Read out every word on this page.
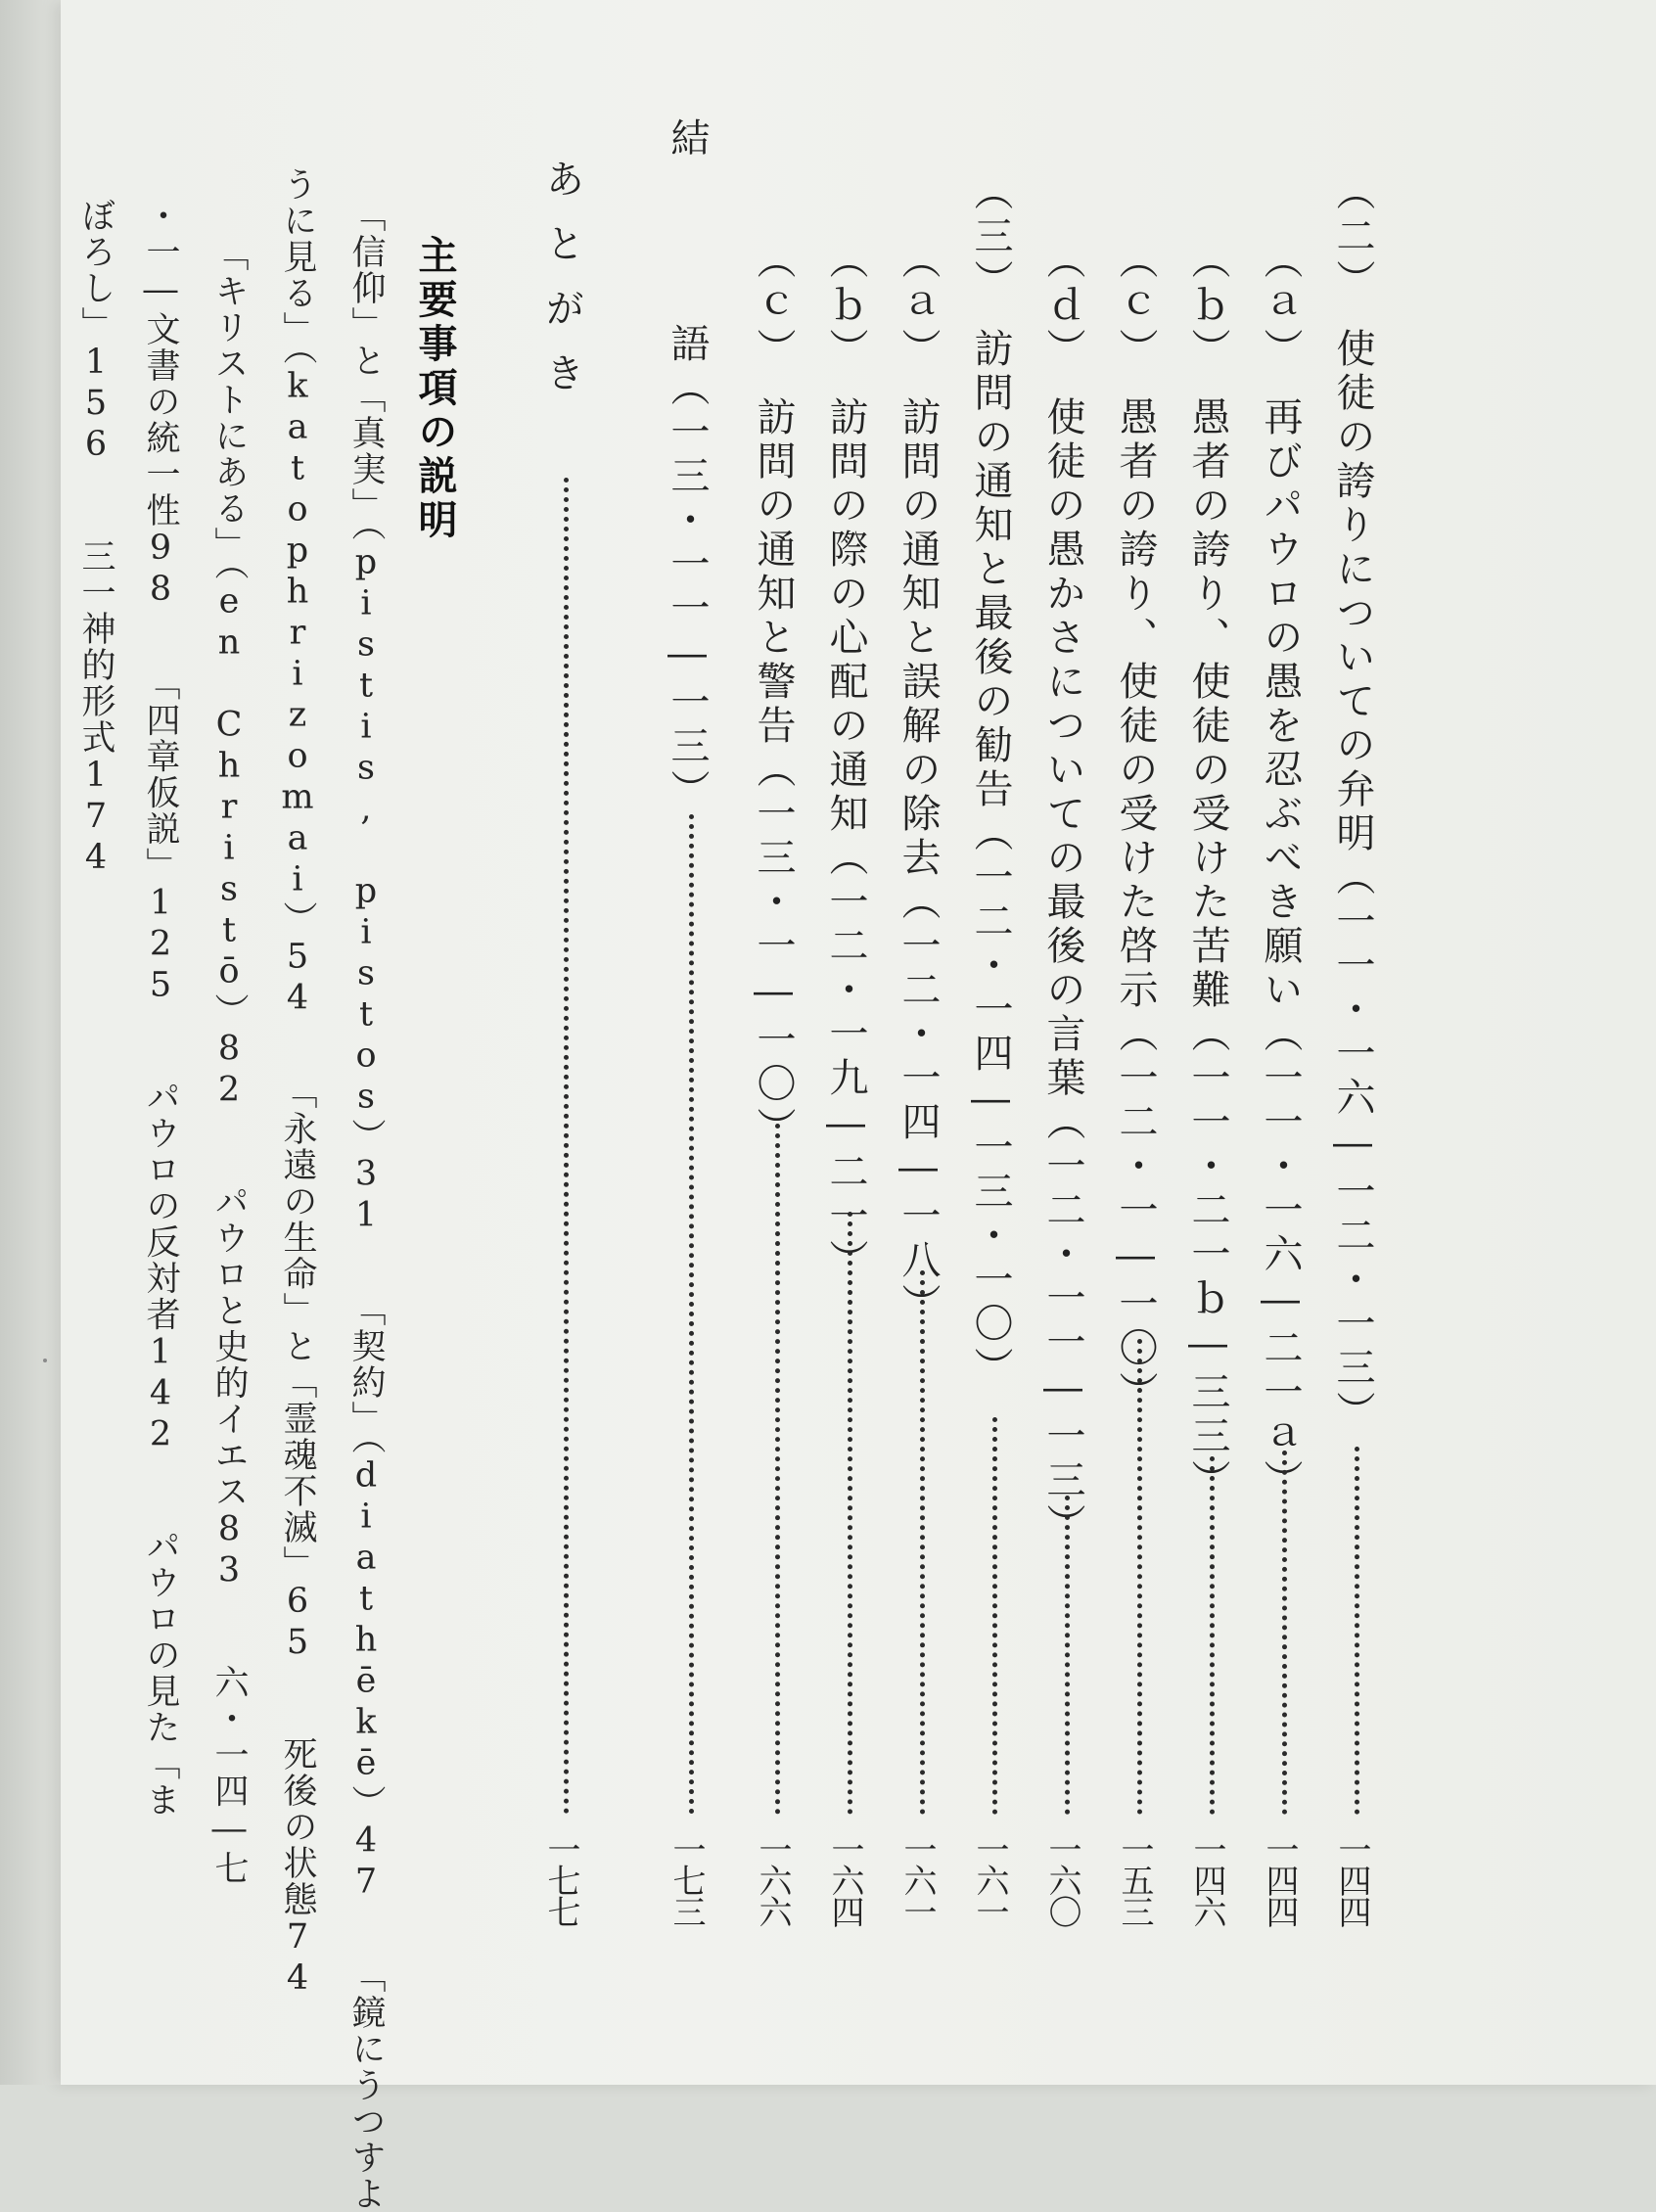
（二）　使徒の誇りについての弁明（一一・一六―一二・一三）
一四四
（ａ）　再びパウロの愚を忍ぶべき願い（一一・一六―二一ａ）
一四四
（ｂ）　愚者の誇り、使徒の受けた苦難（一一・二一ｂ―三三）
一四六
（ｃ）　愚者の誇り、使徒の受けた啓示（一二・一―一〇）
一五三
（ｄ）　使徒の愚かさについての最後の言葉（一二・一一―一三）
一六〇
（三）　訪問の通知と最後の勧告（一二・一四―一三・一〇）
一六一
（ａ）　訪問の通知と誤解の除去（一二・一四―一八）
一六一
（ｂ）　訪問の際の心配の通知（一二・一九―二一）
一六四
（ｃ）　訪問の通知と警告（一三・一―一〇）
一六六
結
語（一三・一一―一三）
一七三
あとがき
一七七
主要事項の説明
「信仰」と「真実」（pistis, pistos）31　　「契約」（diathēkē）47　　「鏡にうつすよ
うに見る」（katophrizomai）54　　「永遠の生命」と「霊魂不滅」65　　死後の状態74
「キリストにある」（en Christō）82　　パウロと史的イエス83　　六・一四―七
・一―文書の統一性98　　「四章仮説」125　　パウロの反対者142　　パウロの見た「ま
ぼろし」156　　三一神的形式174
